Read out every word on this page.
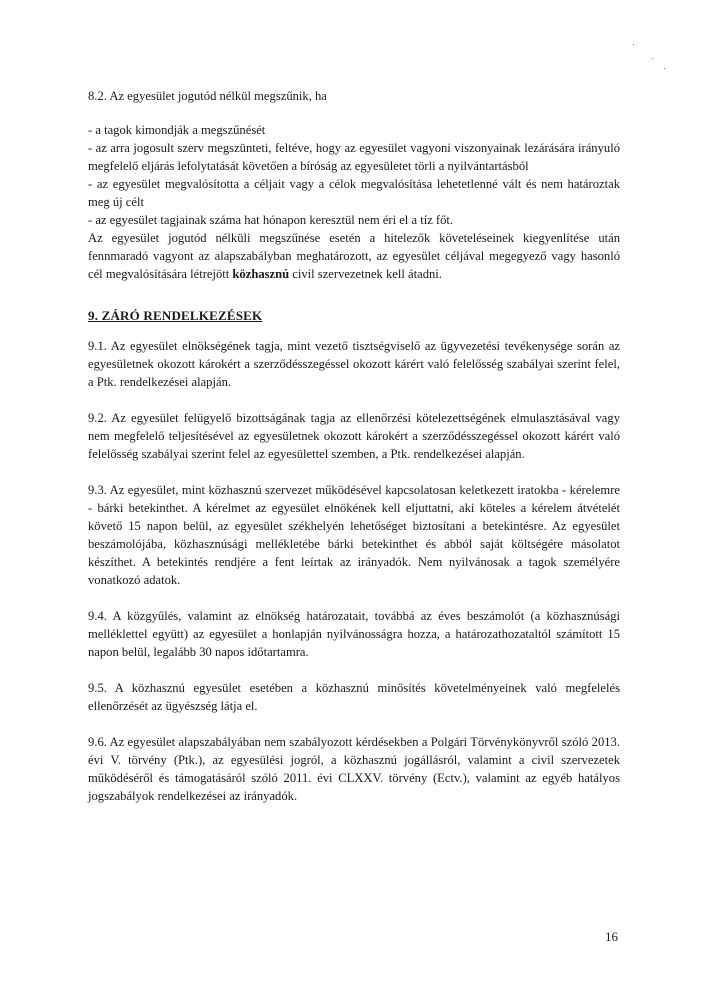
8.2. Az egyesület jogutód nélkül megszűnik, ha

- a tagok kimondják a megszűnését

- az arra jogosult szerv megszünteti, feltéve, hogy az egyesület vagyoni viszonyainak lezárására irányuló megfelelő eljárás lefolytatását követően a bíróság az egyesületet törli a nyilvántartásból

- az egyesület megvalósította a céljait vagy a célok megvalósítása lehetetlenné vált és nem határoztak meg új célt

- az egyesület tagjainak száma hat hónapon keresztül nem éri el a tíz főt.

Az egyesület jogutód nélküli megszűnése esetén a hitelezők követeléseinek kiegyenlítése után fennmaradó vagyont az alapszabályban meghatározott, az egyesület céljával megegyező vagy hasonló cél megvalósítására létrejött közhasznú civil szervezetnek kell átadni.

9. ZÁRÓ RENDELKEZÉSEK

9.1. Az egyesület elnökségének tagja, mint vezető tisztségviselő az ügyvezetési tevékenysége során az egyesületnek okozott károkért a szerződésszegéssel okozott kárért való felelősség szabályai szerint felel, a Ptk. rendelkezései alapján.

9.2. Az egyesület felügyelő bizottságának tagja az ellenőrzési kötelezettségének elmulasztásával vagy nem megfelelő teljesítésével az egyesületnek okozott károkért a szerződésszegéssel okozott kárért való felelősség szabályai szerint felel az egyesülettel szemben, a Ptk. rendelkezései alapján.

9.3. Az egyesület, mint közhasznú szervezet működésével kapcsolatosan keletkezett iratokba - kérelemre - bárki betekinthet. A kérelmet az egyesület elnökének kell eljuttatni, aki köteles a kérelem átvételét követő 15 napon belül, az egyesület székhelyén lehetőséget biztosítani a betekintésre. Az egyesület beszámolójába, közhasznúsági mellékletébe bárki betekinthet és abból saját költségére másolatot készíthet. A betekintés rendjére a fent leírtak az irányadók. Nem nyilvánosak a tagok személyére vonatkozó adatok.

9.4. A közgyűlés, valamint az elnökség határozatait, továbbá az éves beszámolót (a közhasznúsági melléklettel együtt) az egyesület a honlapján nyilvánosságra hozza, a határozathozataltól számított 15 napon belül, legalább 30 napos időtartamra.

9.5. A közhasznú egyesület esetében a közhasznú minősítés követelményeinek való megfelelés ellenőrzését az ügyészség látja el.

9.6. Az egyesület alapszabályában nem szabályozott kérdésekben a Polgári Törvénykönyvről szóló 2013. évi V. törvény (Ptk.), az egyesülési jogról, a közhasznú jogállásról, valamint a civil szervezetek működéséről és támogatásáról szóló 2011. évi CLXXV. törvény (Ectv.), valamint az egyéb hatályos jogszabályok rendelkezései az irányadók.

16
